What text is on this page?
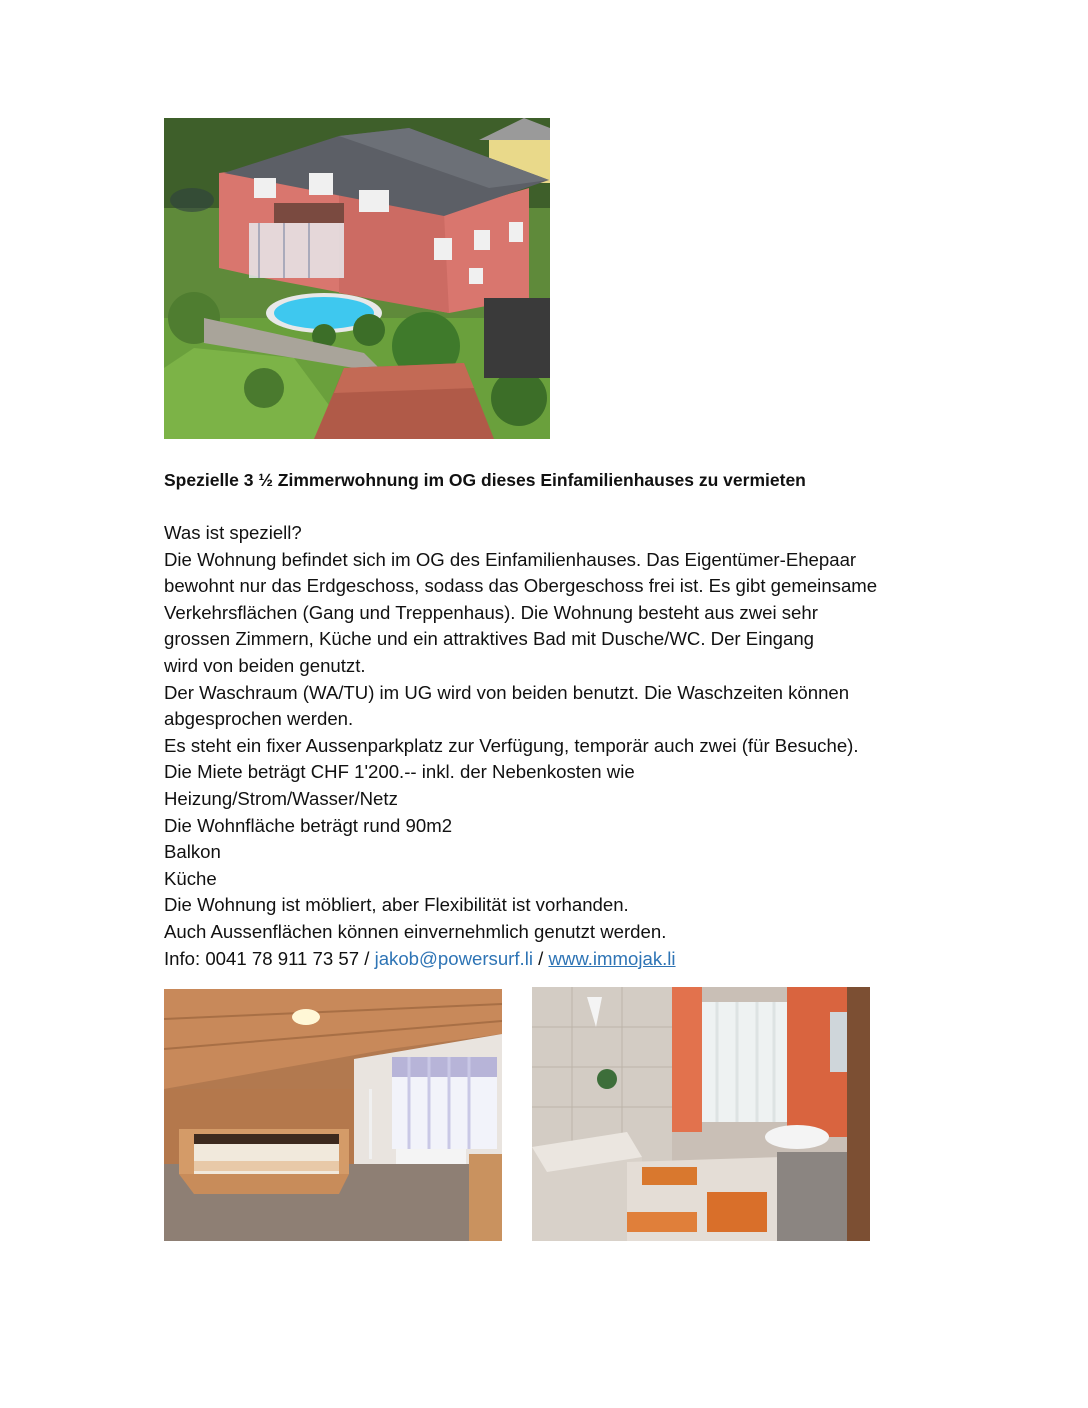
Spezielle 3 ½ Zimmerwohnung im OG dieses Einfamilienhauses zu vermieten
Was ist speziell?
Die Wohnung befindet sich im OG des Einfamilienhauses. Das Eigentümer-Ehepaar
bewohnt nur das Erdgeschoss, sodass das Obergeschoss frei ist. Es gibt gemeinsame
Verkehrsflächen (Gang und Treppenhaus). Die Wohnung besteht aus zwei sehr
grossen Zimmern, Küche und ein attraktives Bad mit Dusche/WC. Der Eingang
wird von beiden genutzt.
Der Waschraum (WA/TU) im UG wird von beiden benutzt. Die Waschzeiten können
abgesprochen werden.
Es steht ein fixer Aussenparkplatz zur Verfügung, temporär auch zwei (für Besuche).
Die Miete beträgt CHF 1'200.-- inkl. der Nebenkosten wie
Heizung/Strom/Wasser/Netz
Die Wohnfläche beträgt rund 90m2
Balkon
Küche
Die Wohnung ist möbliert, aber Flexibilität ist vorhanden.
Auch Aussenflächen können einvernehmlich genutzt werden.
Info: 0041 78 911 73 57 / jakob@powersurf.li / www.immojak.li
